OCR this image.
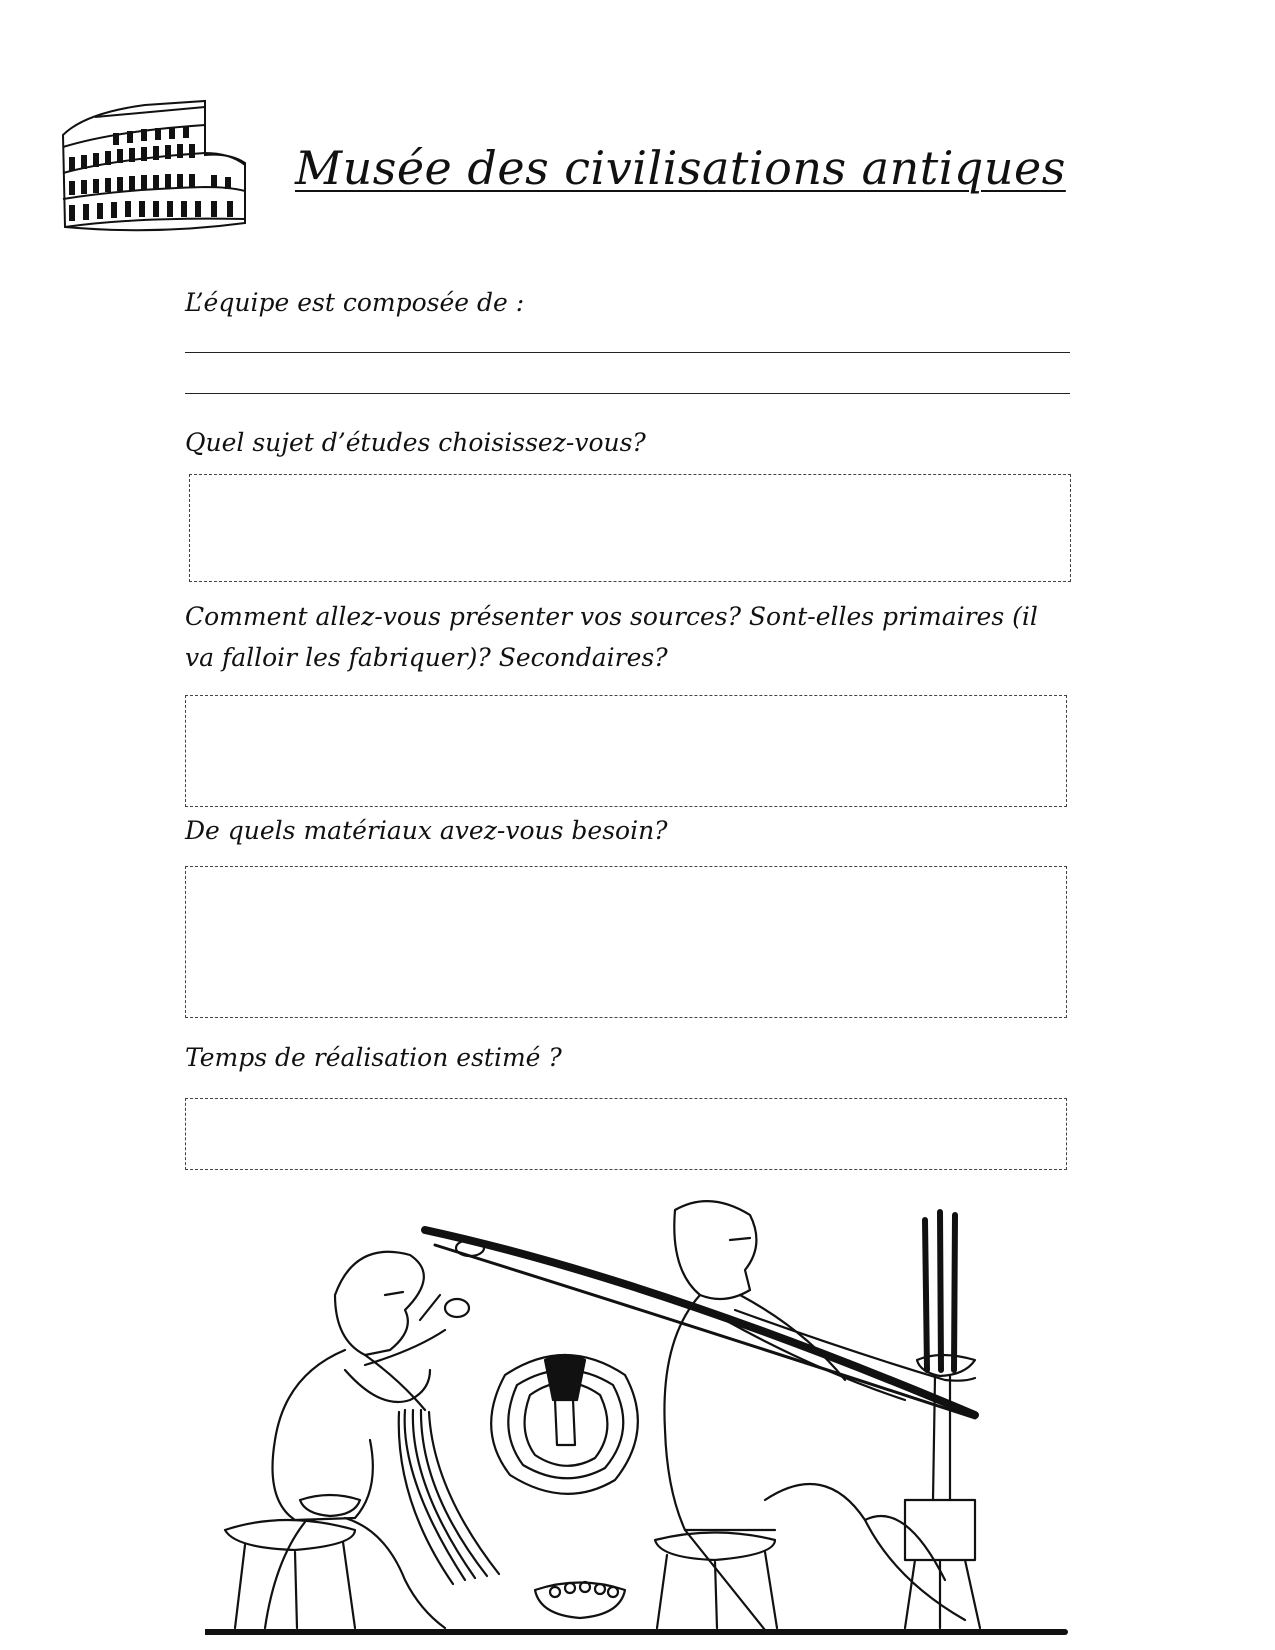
Musée des civilisations antiques
L’équipe est composée de :
Quel sujet d’études choisissez-vous?
Comment allez-vous présenter vos sources? Sont-elles primaires (il va falloir les fabriquer)? Secondaires?
De quels matériaux avez-vous besoin?
Temps de réalisation estimé ?
